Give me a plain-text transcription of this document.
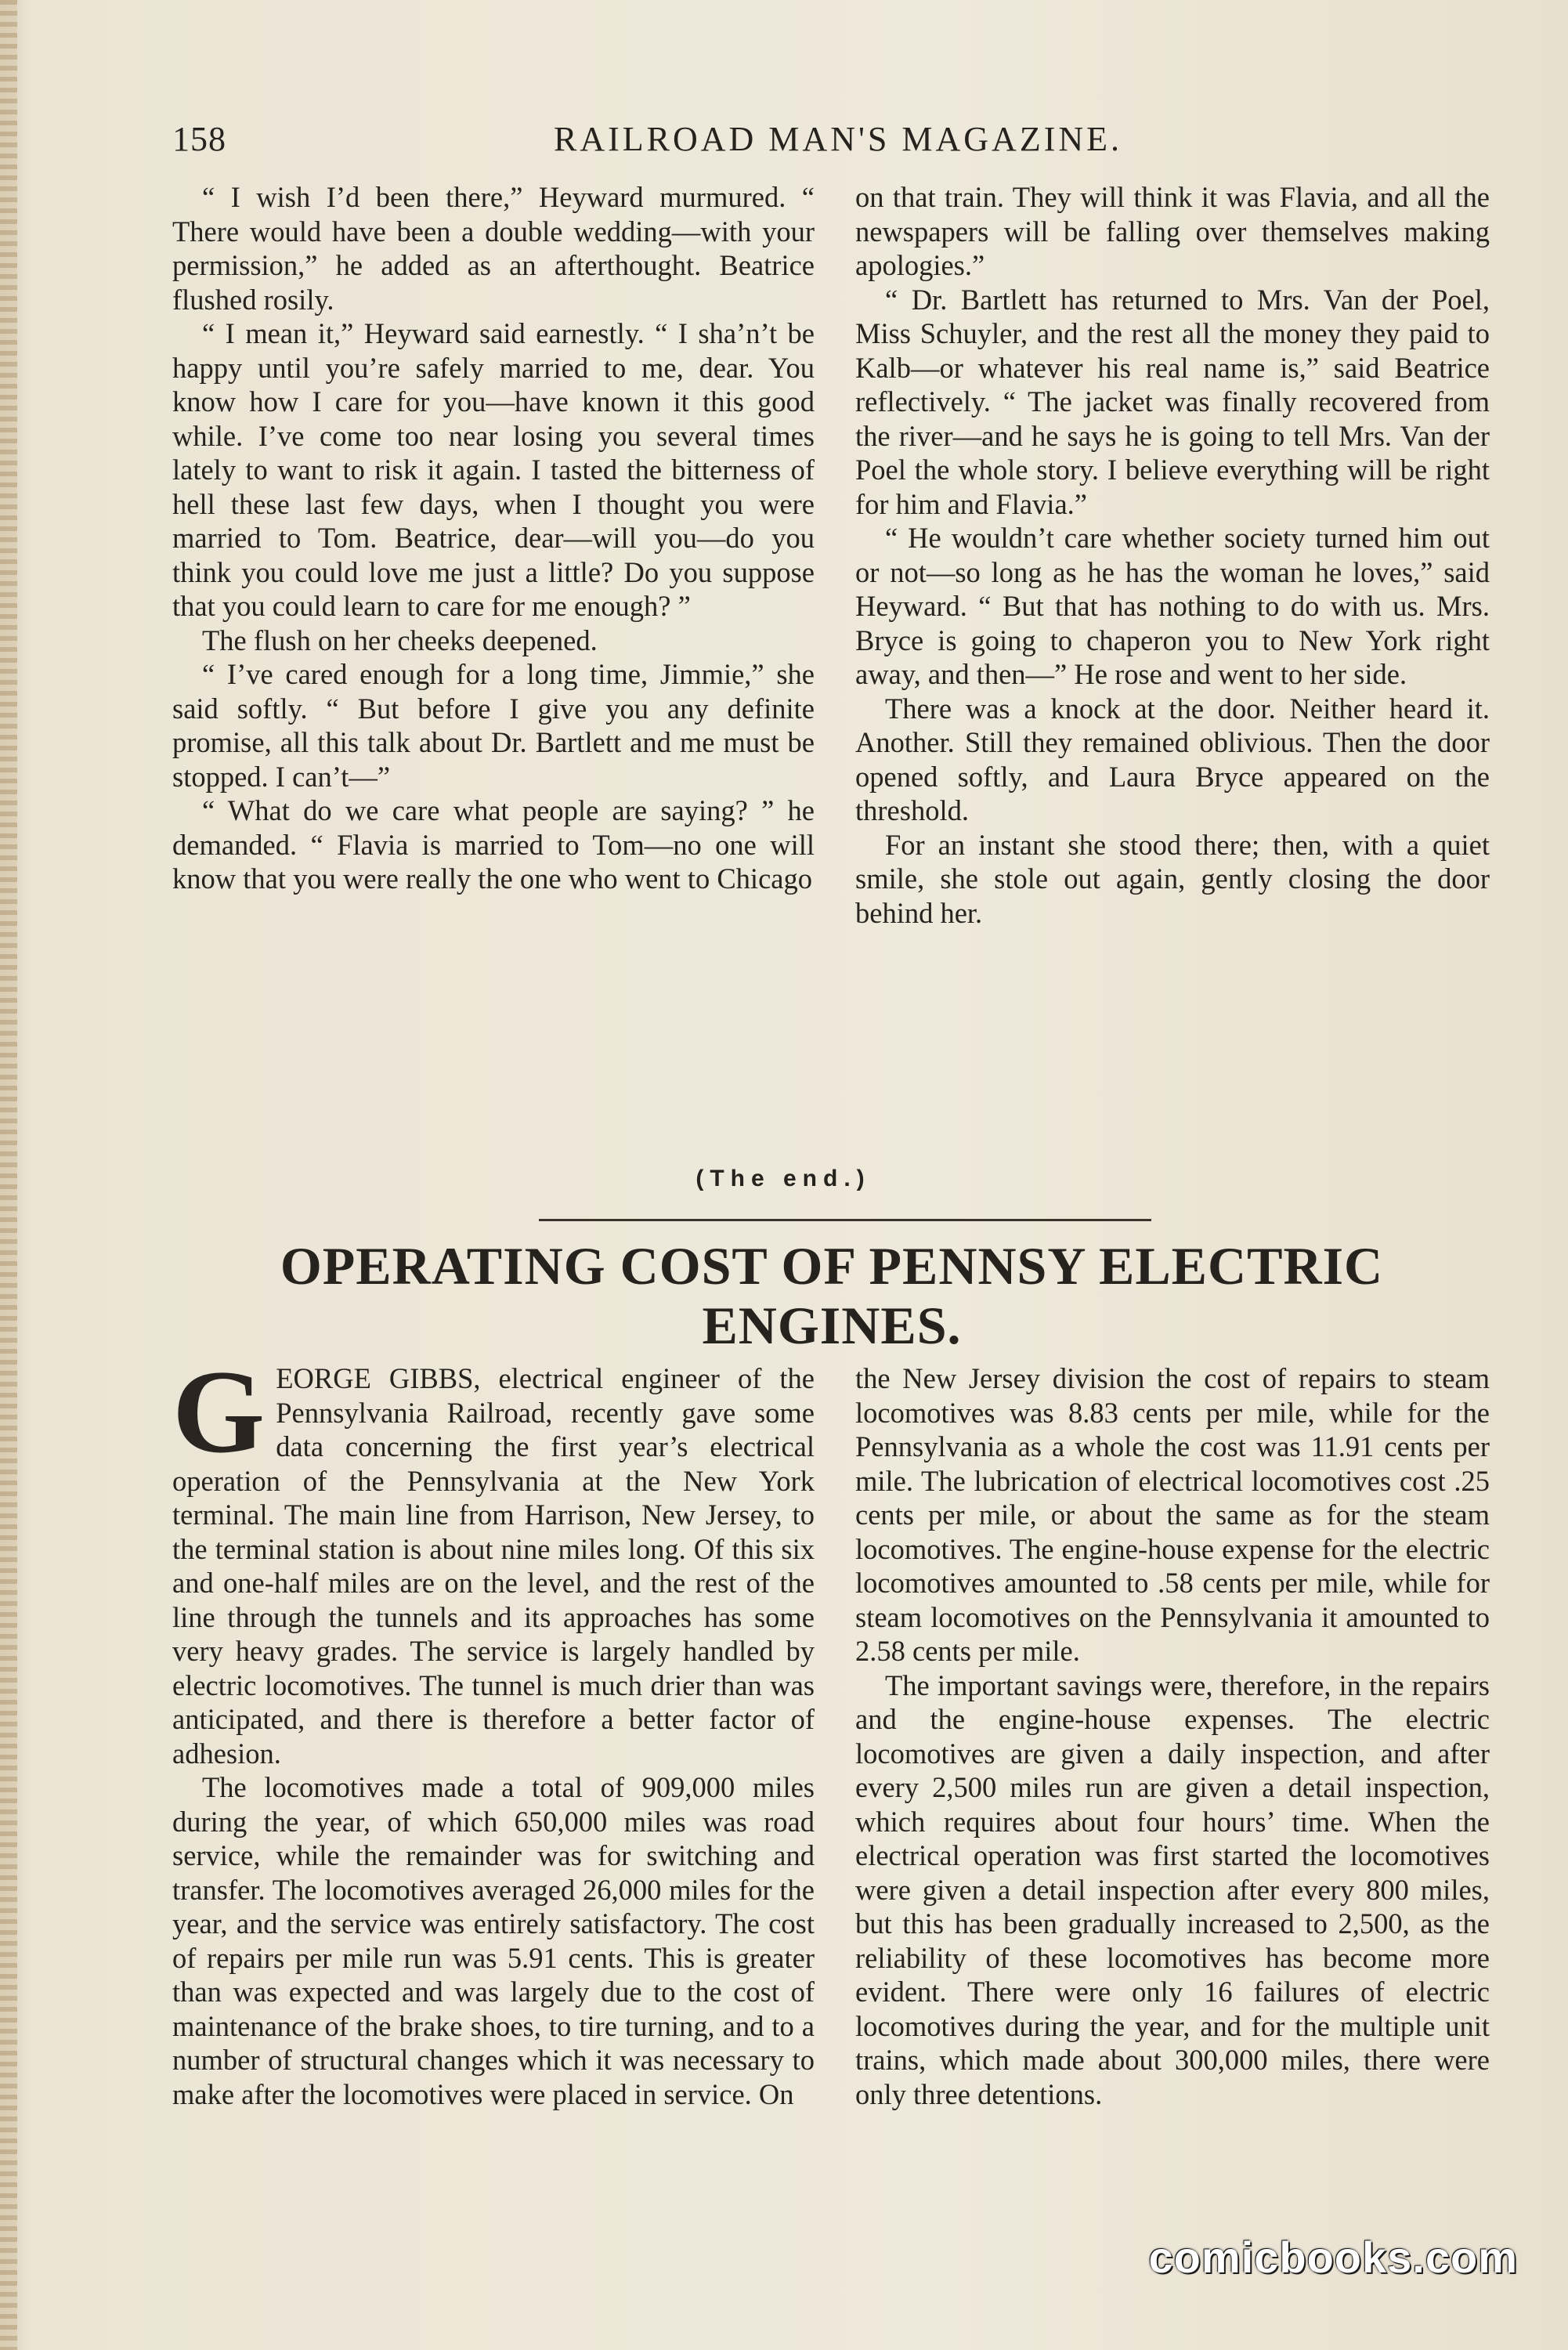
158	RAILROAD MAN'S MAGAZINE.

“ I wish I’d been there,” Heyward murmured. “ There would have been a double wedding—with your permission,” he added as an afterthought. Beatrice flushed rosily.

“ I mean it,” Heyward said earnestly. “ I sha’n’t be happy until you’re safely married to me, dear. You know how I care for you—have known it this good while. I’ve come too near losing you several times lately to want to risk it again. I tasted the bitterness of hell these last few days, when I thought you were married to Tom. Beatrice, dear—will you—do you think you could love me just a little? Do you suppose that you could learn to care for me enough? ”

The flush on her cheeks deepened.

“ I’ve cared enough for a long time, Jimmie,” she said softly. “ But before I give you any definite promise, all this talk about Dr. Bartlett and me must be stopped. I can’t—”

“ What do we care what people are saying? ” he demanded. “ Flavia is married to Tom—no one will know that you were really the one who went to Chicago

on that train. They will think it was Flavia, and all the newspapers will be falling over themselves making apologies.”

“ Dr. Bartlett has returned to Mrs. Van der Poel, Miss Schuyler, and the rest all the money they paid to Kalb—or whatever his real name is,” said Beatrice reflectively. “ The jacket was finally recovered from the river—and he says he is going to tell Mrs. Van der Poel the whole story. I believe everything will be right for him and Flavia.”

“ He wouldn’t care whether society turned him out or not—so long as he has the woman he loves,” said Heyward. “ But that has nothing to do with us. Mrs. Bryce is going to chaperon you to New York right away, and then—” He rose and went to her side.

There was a knock at the door. Neither heard it. Another. Still they remained oblivious. Then the door opened softly, and Laura Bryce appeared on the threshold.

For an instant she stood there; then, with a quiet smile, she stole out again, gently closing the door behind her.

(The end.)
OPERATING COST OF PENNSY ELECTRIC
ENGINES.

GEORGE GIBBS, electrical engineer of the Pennsylvania Railroad, recently gave some data concerning the first year’s electrical operation of the Pennsylvania at the New York terminal. The main line from Harrison, New Jersey, to the terminal station is about nine miles long. Of this six and one-half miles are on the level, and the rest of the line through the tunnels and its approaches has some very heavy grades. The service is largely handled by electric locomotives. The tunnel is much drier than was anticipated, and there is therefore a better factor of adhesion.

The locomotives made a total of 909,000 miles during the year, of which 650,000 miles was road service, while the remainder was for switching and transfer. The locomotives averaged 26,000 miles for the year, and the service was entirely satisfactory. The cost of repairs per mile run was 5.91 cents. This is greater than was expected and was largely due to the cost of maintenance of the brake shoes, to tire turning, and to a number of structural changes which it was necessary to make after the locomotives were placed in service. On

the New Jersey division the cost of repairs to steam locomotives was 8.83 cents per mile, while for the Pennsylvania as a whole the cost was 11.91 cents per mile. The lubrication of electrical locomotives cost .25 cents per mile, or about the same as for the steam locomotives. The engine-house expense for the electric locomotives amounted to .58 cents per mile, while for steam locomotives on the Pennsylvania it amounted to 2.58 cents per mile.

The important savings were, therefore, in the repairs and the engine-house expenses. The electric locomotives are given a daily inspection, and after every 2,500 miles run are given a detail inspection, which requires about four hours’ time. When the electrical operation was first started the locomotives were given a detail inspection after every 800 miles, but this has been gradually increased to 2,500, as the reliability of these locomotives has become more evident. There were only 16 failures of electric locomotives during the year, and for the multiple unit trains, which made about 300,000 miles, there were only three detentions.

comicbooks.com
